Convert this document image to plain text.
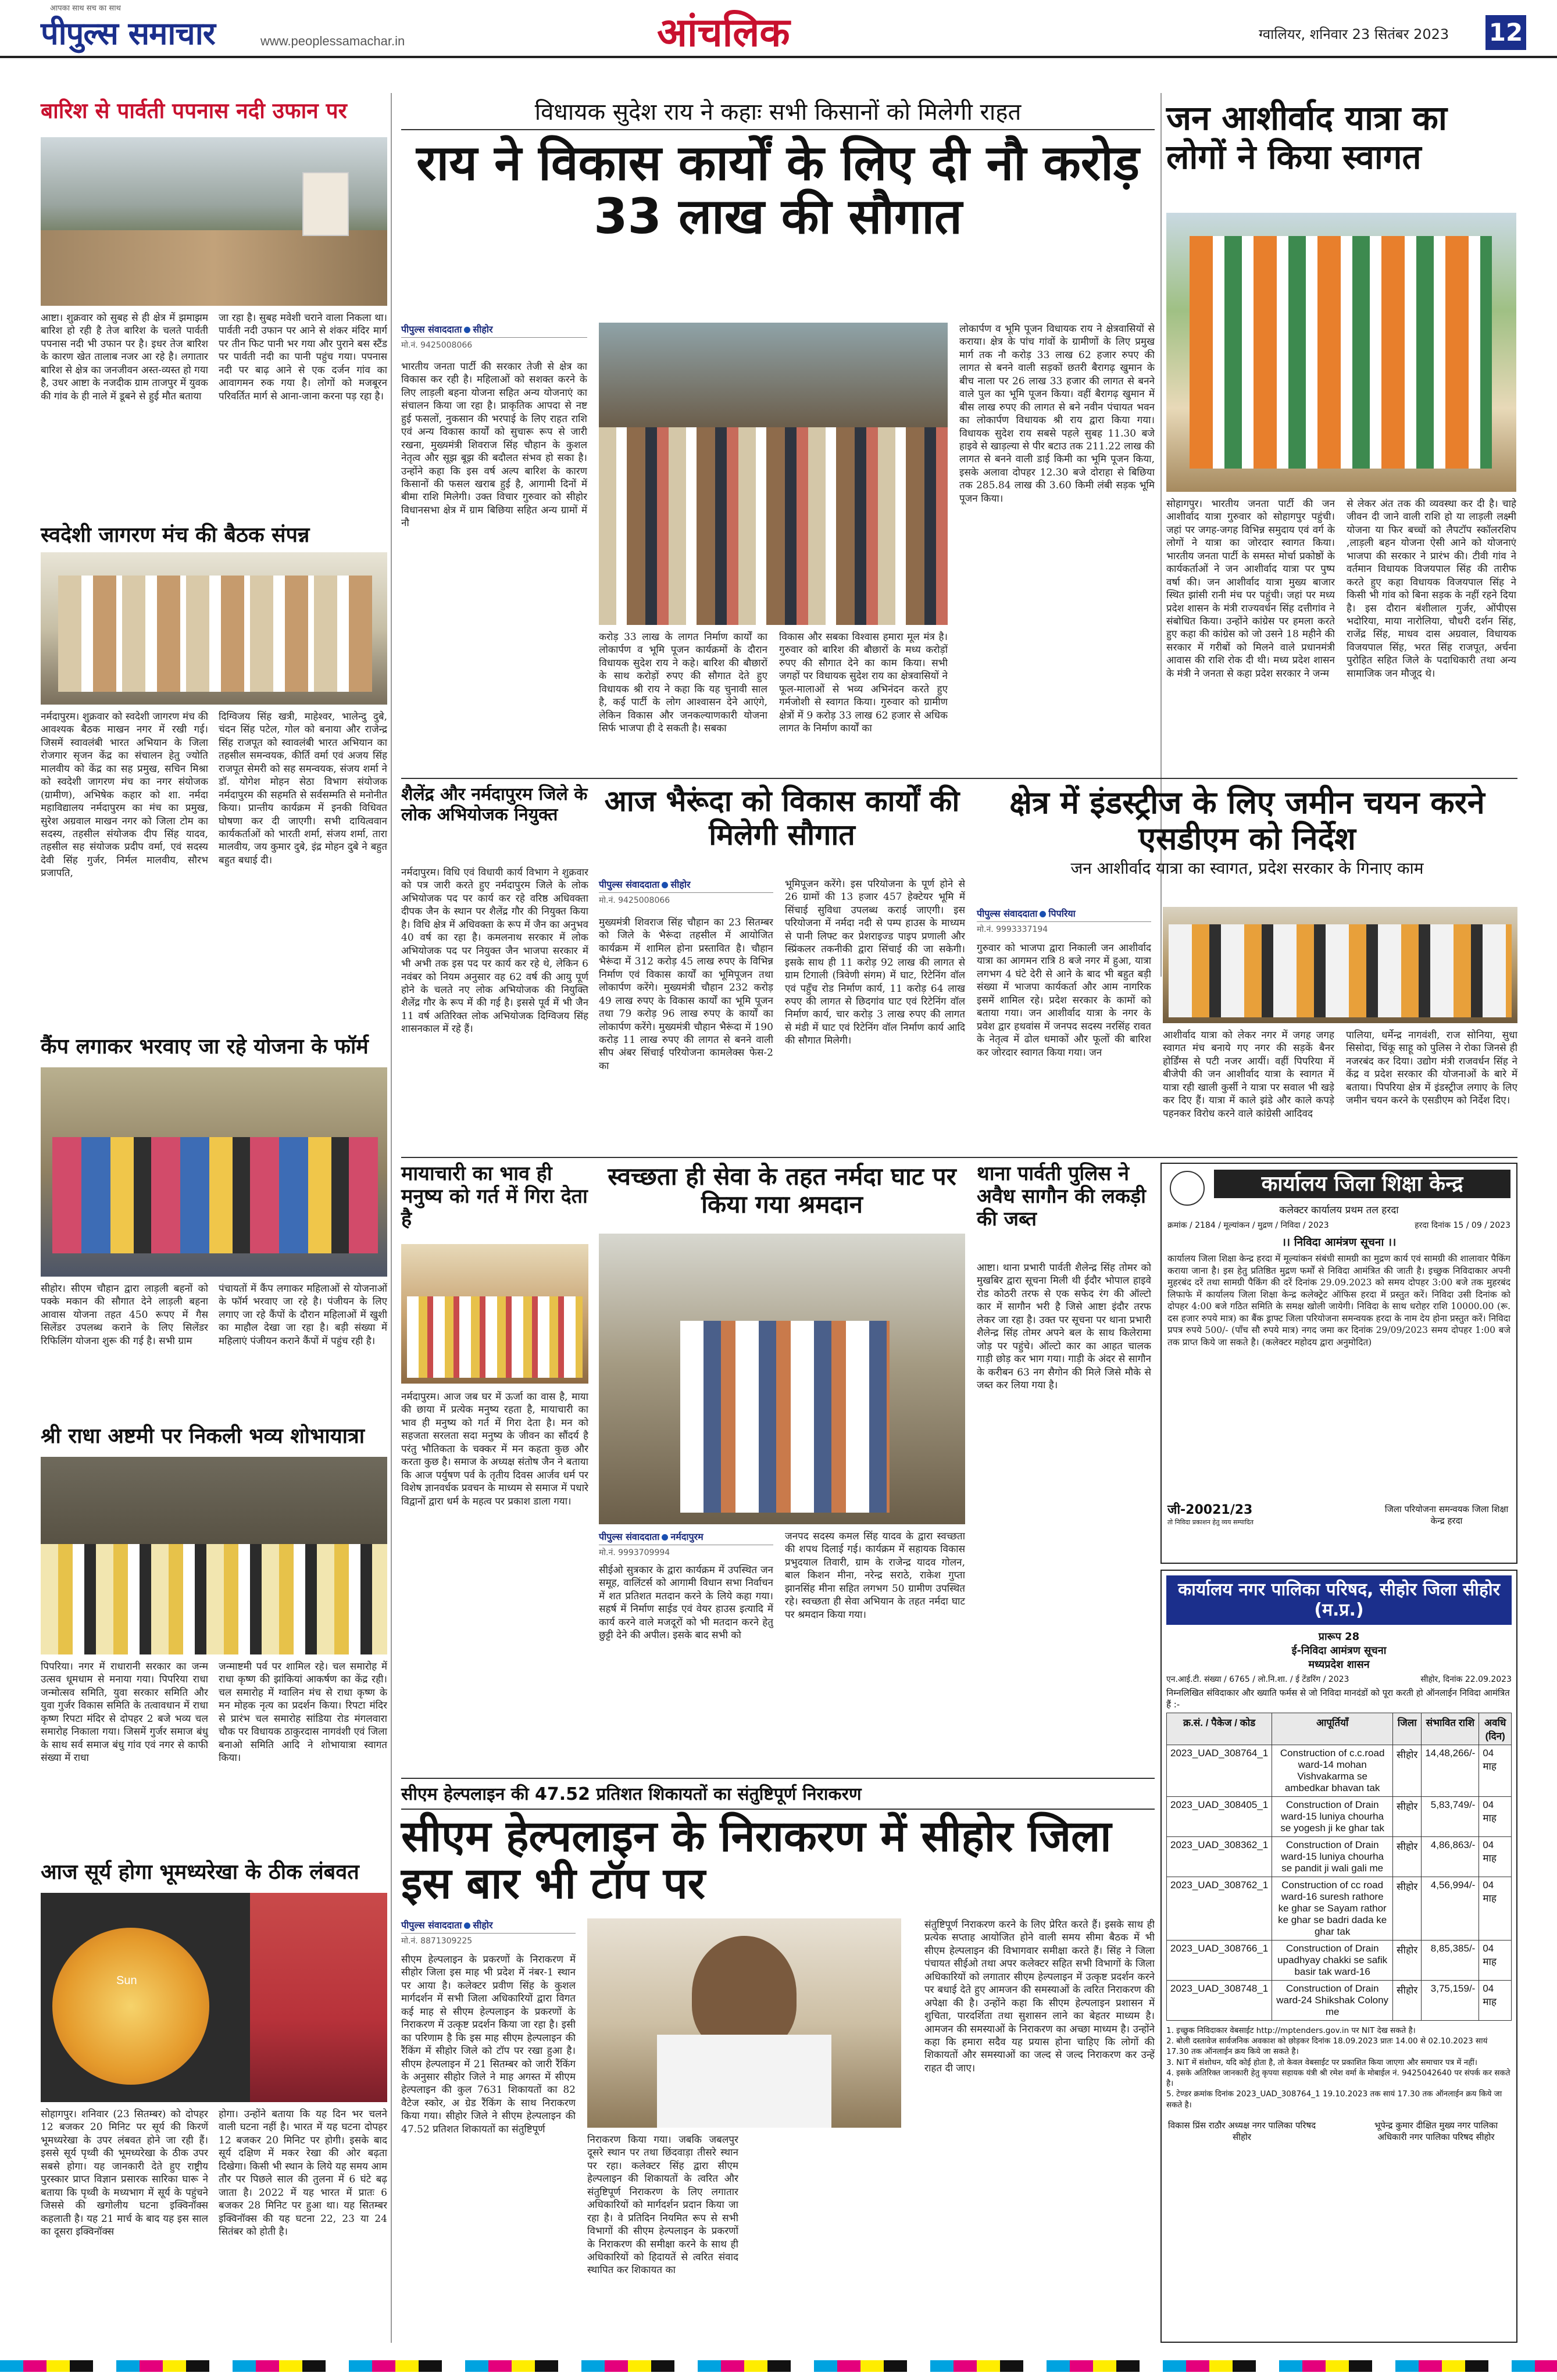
आपका साथ सच का साथ
पीपुल्स समाचार	www.peoplessamachar.in	आंचलिक	ग्वालियर, शनिवार 23 सितंबर 2023 12
बारिश से पार्वती पपनास नदी उफान पर
आष्टा। शुक्रवार को सुबह से ही क्षेत्र में झमाझम बारिश हो रही है तेज बारिश के चलते पार्वती पपनास नदी भी उफान पर है। इधर तेज बारिश के कारण खेत तालाब नजर आ रहे है। लगातार बारिश से क्षेत्र का जनजीवन अस्त-व्यस्त हो गया है, उधर आष्टा के नजदीक ग्राम ताजपुर में युवक की गांव के ही नाले में डूबने से हुई मौत बताया
जा रहा है। सुबह मवेशी चराने वाला निकला था। पार्वती नदी उफान पर आने से शंकर मंदिर मार्ग पर तीन फिट पानी भर गया और पुराने बस स्टैंड पर पार्वती नदी का पानी पहुंच गया। पपनास नदी पर बाढ़ आने से एक दर्जन गांव का आवागमन रुक गया है। लोगों को मजबूरन परिवर्तित मार्ग से आना-जाना करना पड़ रहा है।
स्वदेशी जागरण मंच की बैठक संपन्न
नर्मदापुरम। शुक्रवार को स्वदेशी जागरण मंच की आवश्यक बैठक माखन नगर में रखी गई। जिसमें स्वावलंबी भारत अभियान के जिला रोजगार सृजन केंद्र का संचालन हेतु ज्योति मालवीय को केंद्र का सह प्रमुख, सचिन मिश्रा को स्वदेशी जागरण मंच का नगर संयोजक (ग्रामीण), अभिषेक कहार को शा. नर्मदा महाविद्यालय नर्मदापुरम का मंच का प्रमुख, सुरेश अग्रवाल माखन नगर को जिला टोम का सदस्य, तहसील संयोजक दीप सिंह यादव, तहसील सह संयोजक प्रदीप वर्मा, एवं सदस्य देवी सिंह गुर्जर, निर्मल मालवीय, सौरभ प्रजापति,
दिग्विजय सिंह खत्री, माहेश्वर, भालेन्दु दुबे, चंदन सिंह पटेल, गोल को बनाया और राजेन्द्र सिंह राजपूत को स्वावलंबी भारत अभियान का तहसील समन्वयक, कीर्ति वर्मा एवं अजय सिंह राजपूत सेमरी को सह समन्वयक, संजय शर्मा ने डॉ. योगेश मोहन सेठा विभाग संयोजक नर्मदापुरम की सहमति से सर्वसम्मति से मनोनीत किया। प्रान्तीय कार्यक्रम में इनकी विधिवत घोषणा कर दी जाएगी। सभी दायित्ववान कार्यकर्ताओं को भारती शर्मा, संजय शर्मा, तारा मालवीय, जय कुमार दुबे, इंद्र मोहन दुबे ने बहुत बहुत बधाई दी।
कैंप लगाकर भरवाए जा रहे योजना के फॉर्म
सीहोर। सीएम चौहान द्वारा लाड़ली बहनों को पक्के मकान की सौगात देने लाड़ली बहना आवास योजना तहत 450 रूपए में गैस सिलेंडर उपलब्ध कराने के लिए सिलेंडर रिफिलिंग योजना शुरू की गई है। सभी ग्राम
पंचायतों में कैंप लगाकर महिलाओं से योजनाओं के फॉर्म भरवाए जा रहे है। पंजीयन के लिए लगाए जा रहे कैंपों के दौरान महिलाओं में खुशी का माहौल देखा जा रहा है। बड़ी संख्या में महिलाएं पंजीयन कराने कैंपों में पहुंच रही है।
श्री राधा अष्टमी पर निकली भव्य शोभायात्रा
पिपरिया। नगर में राधारानी सरकार का जन्म उत्सव धूमधाम से मनाया गया। पिपरिया राधा जन्मोत्सव समिति, युवा सरकार समिति और युवा गुर्जर विकास समिति के तत्वावधान में राधा कृष्ण रिपटा मंदिर से दोपहर 2 बजे भव्य चल समारोह निकाला गया। जिसमें गुर्जर समाज बंधु के साथ सर्व समाज बंधु गांव एवं नगर से काफी संख्या में राधा
जन्माष्टमी पर्व पर शामिल रहे। चल समारोह में राधा कृष्ण की झांकियां आकर्षण का केंद्र रही। चल समारोह में ग्वालिन मंच से राधा कृष्ण के मन मोहक नृत्य का प्रदर्शन किया। रिपटा मंदिर से प्रारंभ चल समारोह सांडिया रोड मंगलवारा चौक पर विधायक ठाकुरदास नागवंशी एवं जिला बनाओ समिति आदि ने शोभायात्रा स्वागत किया।
आज सूर्य होगा भूमध्यरेखा के ठीक लंबवत
Sun
सोहागपुर। शनिवार (23 सितम्बर) को दोपहर 12 बजकर 20 मिनिट पर सूर्य की किरणें भूमध्यरेखा के उपर लंबवत होने जा रही हैं। इससे सूर्य पृथ्वी की भूमध्यरेखा के ठीक उपर सबसे होगा। यह जानकारी देते हुए राष्ट्रीय पुरस्कार प्राप्त विज्ञान प्रसारक सारिका घारू ने बताया कि पृथ्वी के मध्यभाग में सूर्य के पहुंचने जिससे की खगोलीय घटना इक्विनॉक्स कहलाती है। यह 21 मार्च के बाद यह इस साल का दूसरा इक्विनॉक्स
होगा। उन्होंने बताया कि यह दिन भर चलने वाली घटना नहीं है। भारत में यह घटना दोपहर 12 बजकर 20 मिनिट पर होगी। इसके बाद सूर्य दक्षिण में मकर रेखा की ओर बढ़ता दिखेगा। किसी भी स्थान के लिये यह समय आम तौर पर पिछले साल की तुलना में 6 घंटे बढ़ जाता है। 2022 में यह भारत में प्रातः 6 बजकर 28 मिनिट पर हुआ था। यह सितम्बर इक्विनॉक्स की यह घटना 22, 23 या 24 सितंबर को होती है।
विधायक सुदेश राय ने कहाः सभी किसानों को मिलेगी राहत
राय ने विकास कार्यों के लिए दी नौ करोड़ 33 लाख की सौगात
पीपुल्स संवाददाता सीहोर
मो.नं. 9425008066
भारतीय जनता पार्टी की सरकार तेजी से क्षेत्र का विकास कर रही है। महिलाओं को सशक्त करने के लिए लाड़ली बहना योजना सहित अन्य योजनाएं का संचालन किया जा रहा है। प्राकृतिक आपदा से नष्ट हुई फसलों, नुकसान की भरपाई के लिए राहत राशि एवं अन्य विकास कार्यों को सुचारू रूप से जारी रखना, मुख्यमंत्री शिवराज सिंह चौहान के कुशल नेतृत्व और सूझ बूझ की बदौलत संभव हो सका है। उन्होंने कहा कि इस वर्ष अल्प बारिश के कारण किसानों की फसल खराब हुई है, आगामी दिनों में बीमा राशि मिलेगी। उक्त विचार गुरुवार को सीहोर विधानसभा क्षेत्र में ग्राम बिछिया सहित अन्य ग्रामों में नौ
करोड़ 33 लाख के लागत निर्माण कार्यों का लोकार्पण व भूमि पूजन कार्यक्रमों के दौरान विधायक सुदेश राय ने कहे। बारिश की बौछारों के साथ करोड़ों रुपए की सौगात देते हुए विधायक श्री राय ने कहा कि यह चुनावी साल है, कई पार्टी के लोग आश्वासन देने आएंगे, लेकिन विकास और जनकल्याणकारी योजना सिर्फ भाजपा ही दे सकती है। सबका
विकास और सबका विश्वास हमारा मूल मंत्र है। गुरुवार को बारिश की बौछारों के मध्य करोड़ों रुपए की सौगात देने का काम किया। सभी जगहों पर विधायक सुदेश राय का क्षेत्रवासियों ने फूल-मालाओं से भव्य अभिनंदन करते हुए गर्मजोशी से स्वागत किया। गुरुवार को ग्रामीण क्षेत्रों में 9 करोड़ 33 लाख 62 हजार से अधिक लागत के निर्माण कार्यों का
लोकार्पण व भूमि पूजन विधायक राय ने क्षेत्रवासियों से कराया। क्षेत्र के पांच गांवों के ग्रामीणों के लिए प्रमुख मार्ग तक नौ करोड़ 33 लाख 62 हजार रुपए की लागत से बनने वाली सड़कों छतरी बैरागढ़ खुमान के बीच नाला पर 26 लाख 33 हजार की लागत से बनने वाले पुल का भूमि पूजन किया। वहीं बैरागढ़ खुमान में बीस लाख रुपए की लागत से बने नवीन पंचायत भवन का लोकार्पण विधायक श्री राय द्वारा किया गया। विधायक सुदेश राय सबसे पहले सुबह 11.30 बजे हाइवे से खाड़ल्या से पीर बटाउ तक 211.22 लाख की लागत से बनने वाली डाई किमी का भूमि पूजन किया, इसके अलावा दोपहर 12.30 बजे दोराहा से बिछिया तक 285.84 लाख की 3.60 किमी लंबी सड़क भूमि पूजन किया।
जन आशीर्वाद यात्रा का लोगों ने किया स्वागत
सोहागपुर। भारतीय जनता पार्टी की जन आशीर्वाद यात्रा गुरुवार को सोहागपुर पहुंची। जहां पर जगह-जगह विभिन्न समुदाय एवं वर्ग के लोगों ने यात्रा का जोरदार स्वागत किया। भारतीय जनता पार्टी के समस्त मोर्चा प्रकोष्ठों के कार्यकर्ताओं ने जन आशीर्वाद यात्रा पर पुष्प वर्षा की। जन आशीर्वाद यात्रा मुख्य बाजार स्थित झांसी रानी मंच पर पहुंची। जहां पर मध्य प्रदेश शासन के मंत्री राज्यवर्धन सिंह दत्तीगांव ने संबोधित किया। उन्होंने कांग्रेस पर हमला करते हुए कहा की कांग्रेस को जो उसने 18 महीने की सरकार में गरीबों को मिलने वाले प्रधानमंत्री आवास की राशि रोक दी थी। मध्य प्रदेश शासन के मंत्री ने जनता से कहा प्रदेश सरकार ने जन्म
से लेकर अंत तक की व्यवस्था कर दी है। चाहे जीवन दी जाने वाली राशि हो या लाड़ली लक्ष्मी योजना या फिर बच्चों को लैपटॉप स्कॉलरशिप ,लाड़ली बहन योजना ऐसी आने को योजनाएं भाजपा की सरकार ने प्रारंभ की। टीवी गांव ने वर्तमान विधायक विजयपाल सिंह की तारीफ करते हुए कहा विधायक विजयपाल सिंह ने किसी भी गांव को बिना सड़क के नहीं रहने दिया है। इस दौरान बंशीलाल गुर्जर, ओंपीएस भदोरिया, माया नारोलिया, चौधरी दर्शन सिंह, राजेंद्र सिंह, माधव दास अग्रवाल, विधायक विजयपाल सिंह, भरत सिंह राजपूत, अर्चना पुरोहित सहित जिले के पदाधिकारी तथा अन्य सामाजिक जन मौजूद थे।
शैलेंद्र और नर्मदापुरम जिले के लोक अभियोजक नियुक्त
नर्मदापुरम। विधि एवं विधायी कार्य विभाग ने शुक्रवार को पत्र जारी करते हुए नर्मदापुरम जिले के लोक अभियोजक पद पर कार्य कर रहे वरिष्ठ अधिवक्ता दीपक जैन के स्थान पर शैलेंद्र गौर की नियुक्त किया है। विधि क्षेत्र में अधिवक्ता के रूप में जैन का अनुभव 40 वर्ष का रहा है। कमलनाथ सरकार में लोक अभियोजक पद पर नियुक्त जैन भाजपा सरकार में भी अभी तक इस पद पर कार्य कर रहे थे, लेकिन 6 नवंबर को नियम अनुसार वह 62 वर्ष की आयु पूर्ण होने के चलते नए लोक अभियोजक की नियुक्ति शैलेंद्र गौर के रूप में की गई है। इससे पूर्व में भी जैन 11 वर्ष अतिरिक्त लोक अभियोजक दिग्विजय सिंह शासनकाल में रहे हैं।
आज भैरूंदा को विकास कार्यों की मिलेगी सौगात
पीपुल्स संवाददाता सीहोर
मो.नं. 9425008066
मुख्यमंत्री शिवराज सिंह चौहान का 23 सितम्बर को जिले के भैरूंदा तहसील में आयोजित कार्यक्रम में शामिल होना प्रस्तावित है। चौहान भैरूंदा में 312 करोड़ 45 लाख रुपए के विभिन्न निर्माण एवं विकास कार्यों का भूमिपूजन तथा लोकार्पण करेंगे। मुख्यमंत्री चौहान 232 करोड़ 49 लाख रुपए के विकास कार्यों का भूमि पूजन तथा 79 करोड़ 96 लाख रुपए के कार्यों का लोकार्पण करेंगे। मुख्यमंत्री चौहान भैरूंदा में 190 करोड़ 11 लाख रुपए की लागत से बनने वाली सीप अंबर सिंचाई परियोजना कामलेक्स फेस-2 का
भूमिपूजन करेंगे। इस परियोजना के पूर्ण होने से 26 ग्रामों की 13 हजार 457 हेक्टेयर भूमि में सिंचाई सुविधा उपलब्ध कराई जाएगी। इस परियोजना में नर्मदा नदी से पम्प हाउस के माध्यम से पानी लिफ्ट कर प्रेशराइज्ड पाइप प्रणाली और स्प्रिंकलर तकनीकी द्वारा सिंचाई की जा सकेगी। इसके साथ ही 11 करोड़ 92 लाख की लागत से ग्राम टिगाली (त्रिवेणी संगम) में घाट, रिटेनिंग वॉल एवं पहुँच रोड निर्माण कार्य, 11 करोड़ 64 लाख रुपए की लागत से छिदगांव घाट एवं रिटेनिंग वॉल निर्माण कार्य, चार करोड़ 3 लाख रुपए की लागत से मंडी में घाट एवं रिटेनिंग वॉल निर्माण कार्य आदि की सौगात मिलेगी।
क्षेत्र में इंडस्ट्रीज के लिए जमीन चयन करने एसडीएम को निर्देश
जन आशीर्वाद यात्रा का स्वागत, प्रदेश सरकार के गिनाए काम
पीपुल्स संवाददाता पिपरिया
मो.नं. 9993337194
गुरुवार को भाजपा द्वारा निकाली जन आशीर्वाद यात्रा का आगमन रात्रि 8 बजे नगर में हुआ, यात्रा लगभग 4 घंटे देरी से आने के बाद भी बहुत बड़ी संख्या में भाजपा कार्यकर्ता और आम नागरिक इसमें शामिल रहे। प्रदेश सरकार के कामों को बताया गया। जन आशीर्वाद यात्रा के नगर के प्रवेश द्वार हथवांस में जनपद सदस्य नरसिंह रावत के नेतृत्व में ढोल धमाकों और फूलों की बारिश कर जोरदार स्वागत किया गया। जन
आशीर्वाद यात्रा को लेकर नगर में जगह जगह स्वागत मंच बनाये गए नगर की सड़कें बैनर होर्डिंग्स से पटी नजर आयीं। वहीं पिपरिया में बीजेपी की जन आशीर्वाद यात्रा के स्वागत में यात्रा रही खाली कुर्सी ने यात्रा पर सवाल भी खड़े कर दिए हैं। यात्रा में काले झंडे और काले कपड़े पहनकर विरोध करने वाले कांग्रेसी आदिवद
पालिया, धर्मेन्द्र नागवंशी, राज सोनिया, सुधा सिसोदा, चिंकू साहू को पुलिस ने रोका जिनसे ही नजरबंद कर दिया। उद्योग मंत्री राजवर्धन सिंह ने केंद्र व प्रदेश सरकार की योजनाओं के बारे में बताया। पिपरिया क्षेत्र में इंडस्ट्रीज लगाए के लिए जमीन चयन करने के एसडीएम को निर्देश दिए।
मायाचारी का भाव ही मनुष्य को गर्त में गिरा देता है
नर्मदापुरम। आज जब घर में ऊर्जा का वास है, माया की छाया में प्रत्येक मनुष्य रहता है, मायाचारी का भाव ही मनुष्य को गर्त में गिरा देता है। मन को सहजता सरलता सदा मनुष्य के जीवन का सौंदर्य है परंतु भौतिकता के चक्कर में मन कहता कुछ और करता कुछ है। समाज के अध्यक्ष संतोष जैन ने बताया कि आज पर्युषण पर्व के तृतीय दिवस आर्जव धर्म पर विशेष ज्ञानवर्धक प्रवचन के माध्यम से समाज में पधारे विद्वानों द्वारा धर्म के महत्व पर प्रकाश डाला गया।
स्वच्छता ही सेवा के तहत नर्मदा घाट पर किया गया श्रमदान
पीपुल्स संवाददाता नर्मदापुरम
मो.नं. 9993709994
सीईओ सुत्रकार के द्वारा कार्यक्रम में उपस्थित जन समूह, वालिंटर्स को आगामी विधान सभा निर्वाचन में शत प्रतिशत मतदान करने के लिये कहा गया। सहर्ष में निर्माण साईड एवं वेयर हाउस इत्यादि में कार्य करने वाले मजदूरों को भी मतदान करने हेतु छुट्टी देने की अपील। इसके बाद सभी को
जनपद सदस्य कमल सिंह यादव के द्वारा स्वच्छता की शपथ दिलाई गई। कार्यक्रम में सहायक विकास प्रभुदयाल तिवारी, ग्राम के राजेन्द्र यादव गोलन, बाल किशन मीना, नरेन्द्र सराठे, राकेश गुप्ता झानसिंह मीना सहित लगभग 50 ग्रामीण उपस्थित रहे। स्वच्छता ही सेवा अभियान के तहत नर्मदा घाट पर श्रमदान किया गया।
थाना पार्वती पुलिस ने अवैध सागौन की लकड़ी की जब्त
आष्टा। थाना प्रभारी पार्वती शैलेन्द्र सिंह तोमर को मुखबिर द्वारा सूचना मिली थी ईदौर भोपाल हाइवे रोड कोठरी तरफ से एक सफेद रंग की ऑल्टो कार में सागौन भरी है जिसे आष्टा इंदौर तरफ लेकर जा रहा है। उक्त पर सूचना पर थाना प्रभारी शैलेन्द्र सिंह तोमर अपने बल के साथ किलेरामा जोड़ पर पहुंचे। ऑल्टो कार का आहत चालक गाड़ी छोड़ कर भाग गया। गाड़ी के अंदर से सागौन के करीबन 63 नग सैगोन की मिले जिसे मौके से जब्त कर लिया गया है।
कार्यालय जिला शिक्षा केन्द्र
कलेक्टर कार्यालय प्रथम तल हरदा
क्रमांक / 2184 / मूल्यांकन / मुद्रण / निविदा / 2023	हरदा दिनांक 15 / 09 / 2023
।। निविदा आमंत्रण सूचना ।।
कार्यालय जिला शिक्षा केन्द्र हरदा में मूल्यांकन संबंधी सामग्री का मुद्रण कार्य एवं सामग्री की शालावार पैकिंग कराया जाना है। इस हेतु प्रतिष्ठित मुद्रण फर्मों से निविदा आमंत्रित की जाती है। इच्छुक निविदाकार अपनी मुहरबंद दरें तथा सामग्री पैकिंग की दरें दिनांक 29.09.2023 को समय दोपहर 3:00 बजे तक मुहरबंद लिफाफे में कार्यालय जिला शिक्षा केन्द्र कलेक्ट्रेट ऑफिस हरदा में प्रस्तुत करें। निविदा उसी दिनांक को दोपहर 4:00 बजे गठित समिति के समक्ष खोली जायेगी। निविदा के साथ धरोहर राशि 10000.00 (रू. दस हजार रुपये मात्र) का बैंक ड्राफ्ट जिला परियोजना समन्वयक हरदा के नाम देय होना प्रस्तुत करें। निविदा प्रपत्र रुपये 500/- (पाँच सौ रुपये मात्र) नगद जमा कर दिनांक 29/09/2023 समय दोपहर 1:00 बजे तक प्राप्त किये जा सकते है। (कलेक्टर महोदय द्वारा अनुमोदित)
जी-20021/23
तो निविदा प्रकाशन हेतु व्यय सम्पादित
जिला परियोजना समन्वयक जिला शिक्षा केन्द्र हरदा
सीएम हेल्पलाइन की 47.52 प्रतिशत शिकायतों का संतुष्टिपूर्ण निराकरण
सीएम हेल्पलाइन के निराकरण में सीहोर जिला इस बार भी टॉप पर
पीपुल्स संवाददाता सीहोर
मो.नं. 8871309225
सीएम हेल्पलाइन के प्रकरणों के निराकरण में सीहोर जिला इस माह भी प्रदेश में नंबर-1 स्थान पर आया है। कलेक्टर प्रवीण सिंह के कुशल मार्गदर्शन में सभी जिला अधिकारियों द्वारा विगत कई माह से सीएम हेल्पलाइन के प्रकरणों के निराकरण में उत्कृष्ट प्रदर्शन किया जा रहा है। इसी का परिणाम है कि इस माह सीएम हेल्पलाइन की रैंकिंग में सीहोर जिले को टॉप पर रखा हुआ है। सीएम हेल्पलाइन में 21 सितम्बर को जारी रैंकिंग के अनुसार सीहोर जिले ने माह अगस्त में सीएम हेल्पलाइन की कुल 7631 शिकायतों का 82 वैटेज स्कोर, अ ग्रेड रैंकिंग के साथ निराकरण किया गया। सीहोर जिले ने सीएम हेल्पलाइन की 47.52 प्रतिशत शिकायतों का संतुष्टिपूर्ण
निराकरण किया गया। जबकि जबलपुर दूसरे स्थान पर तथा छिंदवाड़ा तीसरे स्थान पर रहा। कलेक्टर सिंह द्वारा सीएम हेल्पलाइन की शिकायतों के त्वरित और संतुष्टिपूर्ण निराकरण के लिए लगातार अधिकारियों को मार्गदर्शन प्रदान किया जा रहा है। वे प्रतिदिन नियमित रूप से सभी विभागों की सीएम हेल्पलाइन के प्रकरणों के निराकरण की समीक्षा करने के साथ ही अधिकारियों को हिदायतें से त्वरित संवाद स्थापित कर शिकायत का
संतुष्टिपूर्ण निराकरण करने के लिए प्रेरित करते हैं। इसके साथ ही प्रत्येक सप्ताह आयोजित होने वाली समय सीमा बैठक में भी सीएम हेल्पलाइन की विभागवार समीक्षा करते हैं। सिंह ने जिला पंचायत सीईओ तथा अपर कलेक्टर सहित सभी विभागों के जिला अधिकारियों को लगातार सीएम हेल्पलाइन में उत्कृष्ट प्रदर्शन करने पर बधाई देते हुए आमजन की समस्याओं के त्वरित निराकरण की अपेक्षा की है। उन्होंने कहा कि सीएम हेल्पलाइन प्रशासन में शुचिता, पारदर्शिता तथा सुशासन लाने का बेहतर माध्यम है। आमजन की समस्याओं के निराकरण का अच्छा माध्यम है। उन्होंने कहा कि हमारा सदैव यह प्रयास होना चाहिए कि लोगों की शिकायतों और समस्याओं का जल्द से जल्द निराकरण कर उन्हें राहत दी जाए।
कार्यालय नगर पालिका परिषद, सीहोर जिला सीहोर (म.प्र.)
प्रारूप 28
ई-निविदा आमंत्रण सूचना
मध्यप्रदेश शासन
एन.आई.टी. संख्या / 6765 / लो.नि.शा. / ई टेंडरिंग / 2023	सीहोर, दिनांक 22.09.2023
निम्नलिखित संविदाकार और ख्याति फर्मस से जो निविदा मानदंडों को पूरा करती हो ऑनलाईन निविदा आमंत्रित हैं :-
क्र.सं. / पैकेज / कोड	आपूर्तियाँ	जिला	संभावित राशि	अवधि (दिन)
2023_UAD_308764_1	Construction of c.c.road ward-14 mohan Vishvakarma se ambedkar bhavan tak	सीहोर	14,48,266/-	04 माह
2023_UAD_308405_1	Construction of Drain ward-15 luniya chourha se yogesh ji ke ghar tak	सीहोर	5,83,749/-	04 माह
2023_UAD_308362_1	Construction of Drain ward-15 luniya chourha se pandit ji wali gali me	सीहोर	4,86,863/-	04 माह
2023_UAD_308762_1	Construction of cc road ward-16 suresh rathore ke ghar se Sayam rathor ke ghar se badri dada ke ghar tak	सीहोर	4,56,994/-	04 माह
2023_UAD_308766_1	Construction of Drain upadhyay chakki se safik basir tak ward-16	सीहोर	8,85,385/-	04 माह
2023_UAD_308748_1	Construction of Drain ward-24 Shikshak Colony me	सीहोर	3,75,159/-	04 माह
1. इच्छुक निविदाकार वेबसाईट http://mptenders.gov.in पर NIT देख सकते है।
2. बोली दस्तावेज सार्वजनिक अवकाश को छोड़कर दिनांक 18.09.2023 प्रातः 14.00 से 02.10.2023 सायं 17.30 तक ऑनलाईन क्रय किये जा सकते है।
3. NIT में संशोधन, यदि कोई होता है, तो केवल वेबसाईट पर प्रकाशित किया जाएगा और समाचार पत्र में नहीं।
4. इसके अतिरिक्त जानकारी हेतु कृपया सहायक यंत्री श्री रमेश वर्मा के मोबाईल नं. 9425042640 पर संपर्क कर सकते है।
5. टेण्डर क्रमांक दिनांक 2023_UAD_308764_1 19.10.2023 तक सायं 17.30 तक ऑनलाईन क्रय किये जा सकते है।
विकास प्रिंस राठौर अध्यक्ष नगर पालिका परिषद सीहोर
भूपेन्द्र कुमार दीक्षित मुख्य नगर पालिका अधिकारी नगर पालिका परिषद सीहोर
